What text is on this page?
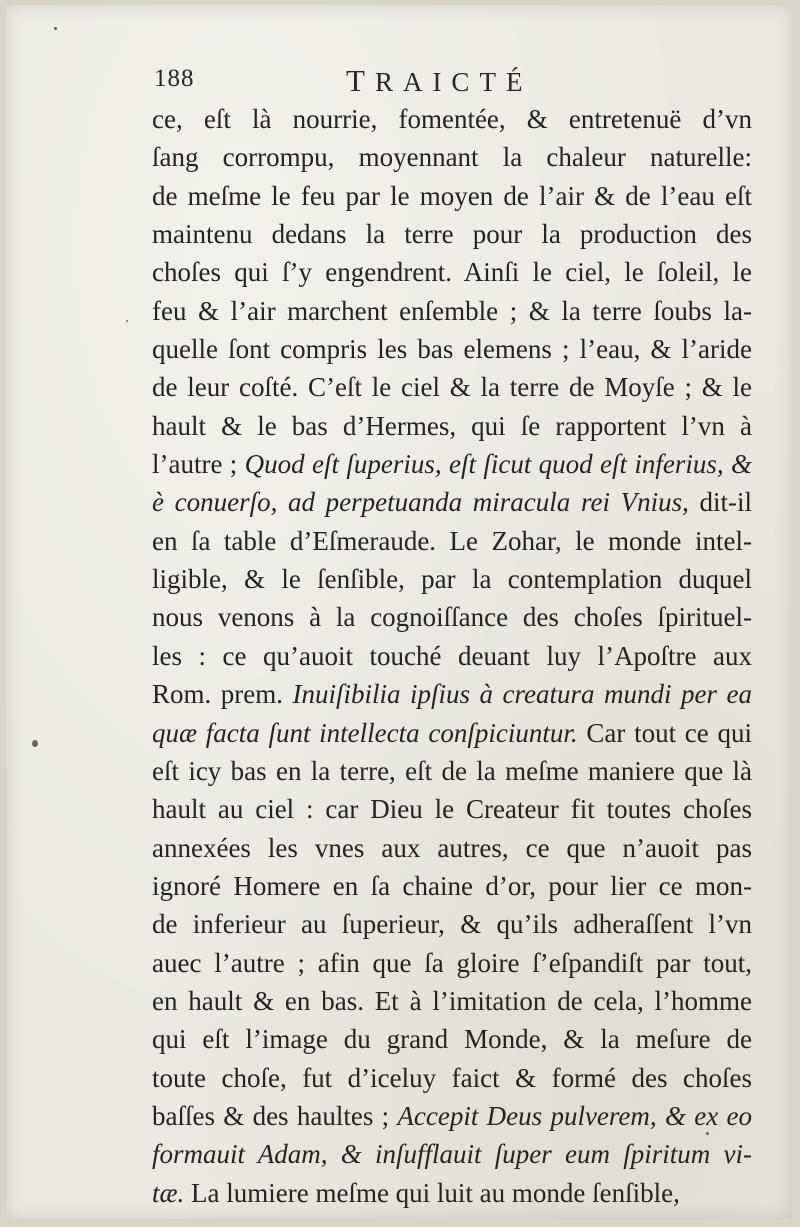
188	TRAICTÉ
ce, eſt là nourrie, fomentée, & entretenuë d’vn
ſang corrompu, moyennant la chaleur naturelle:
de meſme le feu par le moyen de l’air & de l’eau eſt
maintenu dedans la terre pour la production des
choſes qui ſ’y engendrent. Ainſi le ciel, le ſoleil, le
feu & l’air marchent enſemble ; & la terre ſoubs la-
quelle ſont compris les bas elemens ; l’eau, & l’aride
de leur coſté. C’eſt le ciel & la terre de Moyſe ; & le
hault & le bas d’Hermes, qui ſe rapportent l’vn à
l’autre ; Quod eſt ſuperius, eſt ſicut quod eſt inferius, &
è conuerſo, ad perpetuanda miracula rei Vnius, dit-il
en ſa table d’Eſmeraude. Le Zohar, le monde intel-
ligible, & le ſenſible, par la contemplation duquel
nous venons à la cognoiſſance des choſes ſpirituel-
les : ce qu’auoit touché deuant luy l’Apoſtre aux
Rom. prem. Inuiſibilia ipſius à creatura mundi per ea
quæ facta ſunt intellecta conſpiciuntur. Car tout ce qui
eſt icy bas en la terre, eſt de la meſme maniere que là
hault au ciel : car Dieu le Createur fit toutes choſes
annexées les vnes aux autres, ce que n’auoit pas
ignoré Homere en ſa chaine d’or, pour lier ce mon-
de inferieur au ſuperieur, & qu’ils adheraſſent l’vn
auec l’autre ; afin que ſa gloire ſ’eſpandiſt par tout,
en hault & en bas. Et à l’imitation de cela, l’homme
qui eſt l’image du grand Monde, & la meſure de
toute choſe, fut d’iceluy faict & formé des choſes
baſſes & des haultes ; Accepit Deus pulverem, & ex eo
formauit Adam, & inſufflauit ſuper eum ſpiritum vi-
tæ. La lumiere meſme qui luit au monde ſenſible,
